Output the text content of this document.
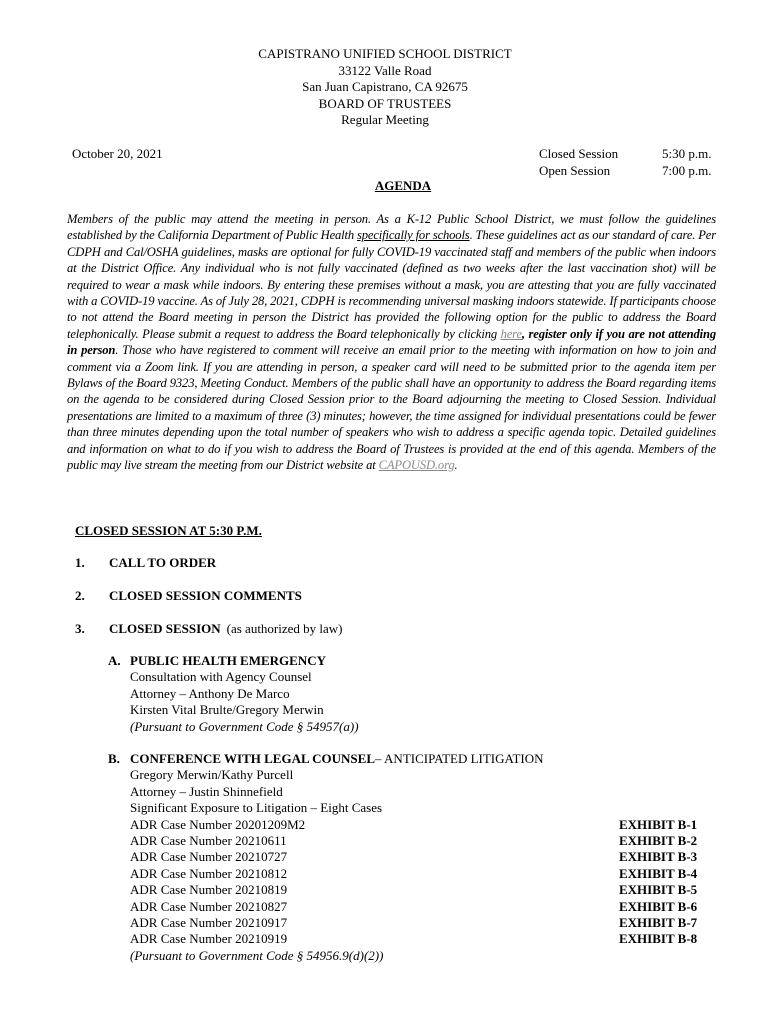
CAPISTRANO UNIFIED SCHOOL DISTRICT
33122 Valle Road
San Juan Capistrano, CA 92675
BOARD OF TRUSTEES
Regular Meeting
October 20, 2021	Closed Session	5:30 p.m.
Open Session	7:00 p.m.
AGENDA
Members of the public may attend the meeting in person. As a K-12 Public School District, we must follow the guidelines established by the California Department of Public Health specifically for schools. These guidelines act as our standard of care. Per CDPH and Cal/OSHA guidelines, masks are optional for fully COVID-19 vaccinated staff and members of the public when indoors at the District Office. Any individual who is not fully vaccinated (defined as two weeks after the last vaccination shot) will be required to wear a mask while indoors. By entering these premises without a mask, you are attesting that you are fully vaccinated with a COVID-19 vaccine. As of July 28, 2021, CDPH is recommending universal masking indoors statewide. If participants choose to not attend the Board meeting in person the District has provided the following option for the public to address the Board telephonically. Please submit a request to address the Board telephonically by clicking here, register only if you are not attending in person. Those who have registered to comment will receive an email prior to the meeting with information on how to join and comment via a Zoom link. If you are attending in person, a speaker card will need to be submitted prior to the agenda item per Bylaws of the Board 9323, Meeting Conduct. Members of the public shall have an opportunity to address the Board regarding items on the agenda to be considered during Closed Session prior to the Board adjourning the meeting to Closed Session. Individual presentations are limited to a maximum of three (3) minutes; however, the time assigned for individual presentations could be fewer than three minutes depending upon the total number of speakers who wish to address a specific agenda topic. Detailed guidelines and information on what to do if you wish to address the Board of Trustees is provided at the end of this agenda. Members of the public may live stream the meeting from our District website at CAPOUSD.org.
CLOSED SESSION AT 5:30 P.M.
1.	CALL TO ORDER
2.	CLOSED SESSION COMMENTS
3.	CLOSED SESSION (as authorized by law)
A. PUBLIC HEALTH EMERGENCY
Consultation with Agency Counsel
Attorney – Anthony De Marco
Kirsten Vital Brulte/Gregory Merwin
(Pursuant to Government Code § 54957(a))
B. CONFERENCE WITH LEGAL COUNSEL – ANTICIPATED LITIGATION
Gregory Merwin/Kathy Purcell
Attorney – Justin Shinnefield
Significant Exposure to Litigation – Eight Cases
ADR Case Number 20201209M2	EXHIBIT B-1
ADR Case Number 20210611	EXHIBIT B-2
ADR Case Number 20210727	EXHIBIT B-3
ADR Case Number 20210812	EXHIBIT B-4
ADR Case Number 20210819	EXHIBIT B-5
ADR Case Number 20210827	EXHIBIT B-6
ADR Case Number 20210917	EXHIBIT B-7
ADR Case Number 20210919	EXHIBIT B-8
(Pursuant to Government Code § 54956.9(d)(2))
